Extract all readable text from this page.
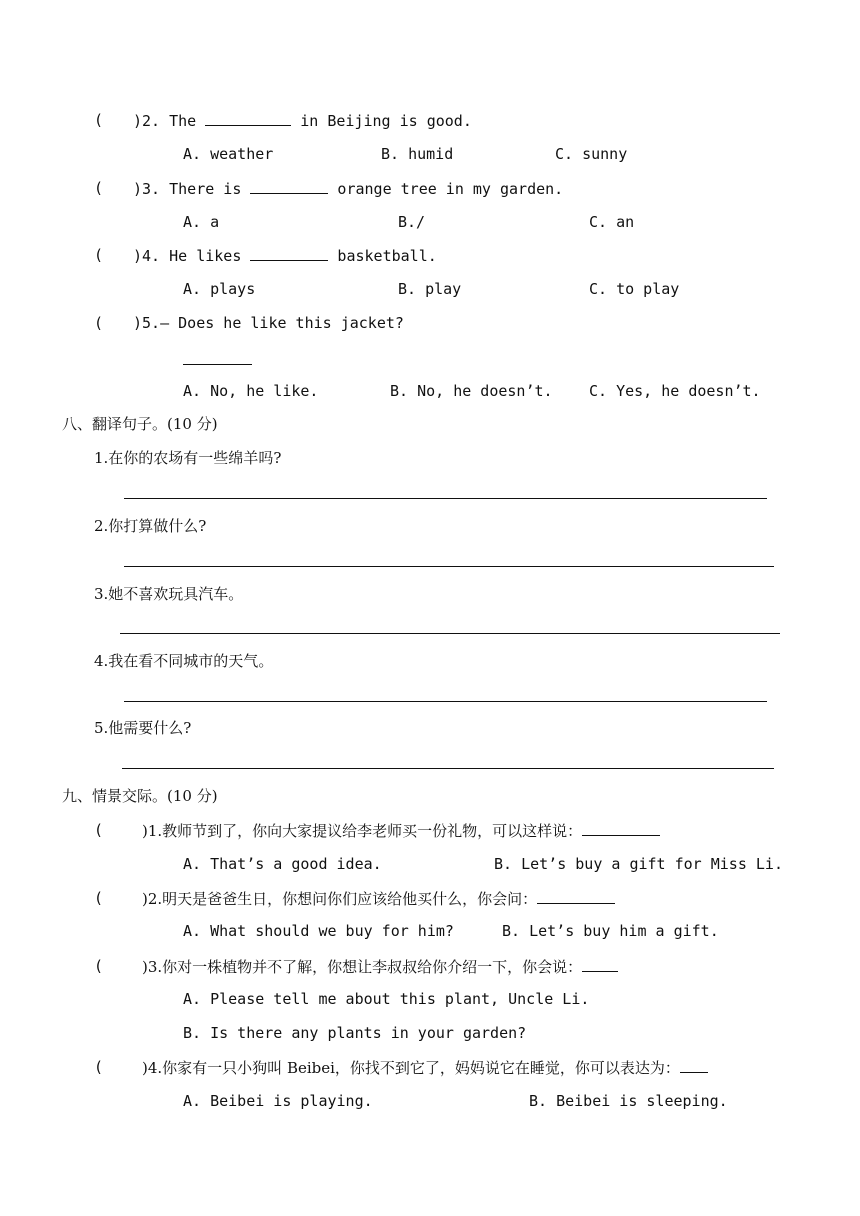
( )2. The	in Beijing is good.
A. weather	B. humid	C. sunny
( )3. There is	orange tree in my garden.
A. a	B./	C. an
( )4. He likes	basketball.
A. plays	B. play	C. to play
( )5.— Does he like this jacket?
A. No, he like.	B. No, he doesn’t. C. Yes, he doesn’t.
八、翻译句子。(10 分)
1.在你的农场有一些绵羊吗?
2.你打算做什么?
3.她不喜欢玩具汽车。
4.我在看不同城市的天气。
5.他需要什么?
九、情景交际。(10 分)
(	)1.教师节到了，你向大家提议给李老师买一份礼物，可以这样说：
A. That’s a good idea.	B. Let’s buy a gift for Miss Li.
(	)2.明天是爸爸生日，你想问你们应该给他买什么，你会问：
A. What should we buy for him?	B. Let’s buy him a gift.
(	)3.你对一株植物并不了解，你想让李叔叔给你介绍一下，你会说：
A. Please tell me about this plant, Uncle Li.
B. Is there any plants in your garden?
(	)4.你家有一只小狗叫 Beibei，你找不到它了，妈妈说它在睡觉，你可以表达为：
A. Beibei is playing.	B. Beibei is sleeping.
